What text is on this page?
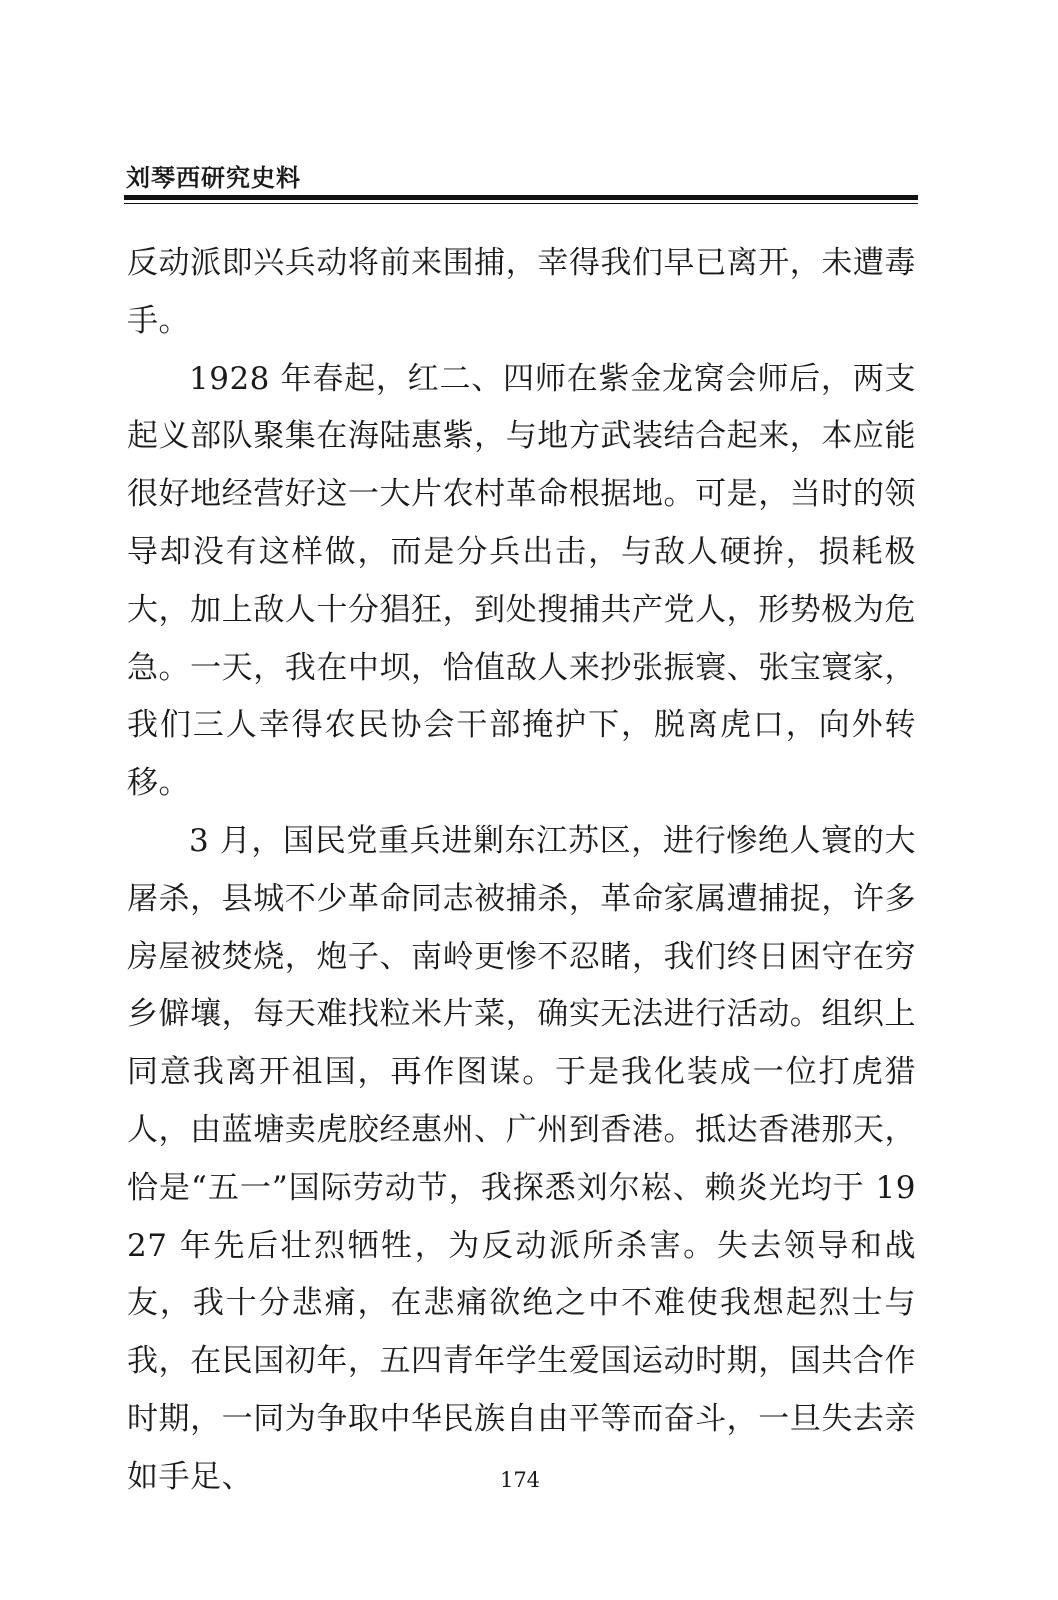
刘琴西研究史料

反动派即兴兵动将前来围捕，幸得我们早已离开，未遭毒手。

1928 年春起，红二、四师在紫金龙窝会师后，两支起义部队聚集在海陆惠紫，与地方武装结合起来，本应能很好地经营好这一大片农村革命根据地。可是，当时的领导却没有这样做，而是分兵出击，与敌人硬拚，损耗极大，加上敌人十分猖狂，到处搜捕共产党人，形势极为危急。一天，我在中坝，恰值敌人来抄张振寰、张宝寰家，我们三人幸得农民协会干部掩护下，脱离虎口，向外转移。

3 月，国民党重兵进剿东江苏区，进行惨绝人寰的大屠杀，县城不少革命同志被捕杀，革命家属遭捕捉，许多房屋被焚烧，炮子、南岭更惨不忍睹，我们终日困守在穷乡僻壤，每天难找粒米片菜，确实无法进行活动。组织上同意我离开祖国，再作图谋。于是我化装成一位打虎猎人，由蓝塘卖虎胶经惠州、广州到香港。抵达香港那天，恰是“五一”国际劳动节，我探悉刘尔崧、赖炎光均于 1927 年先后壮烈牺牲，为反动派所杀害。失去领导和战友，我十分悲痛，在悲痛欲绝之中不难使我想起烈士与我，在民国初年，五四青年学生爱国运动时期，国共合作时期，一同为争取中华民族自由平等而奋斗，一旦失去亲如手足、	174
